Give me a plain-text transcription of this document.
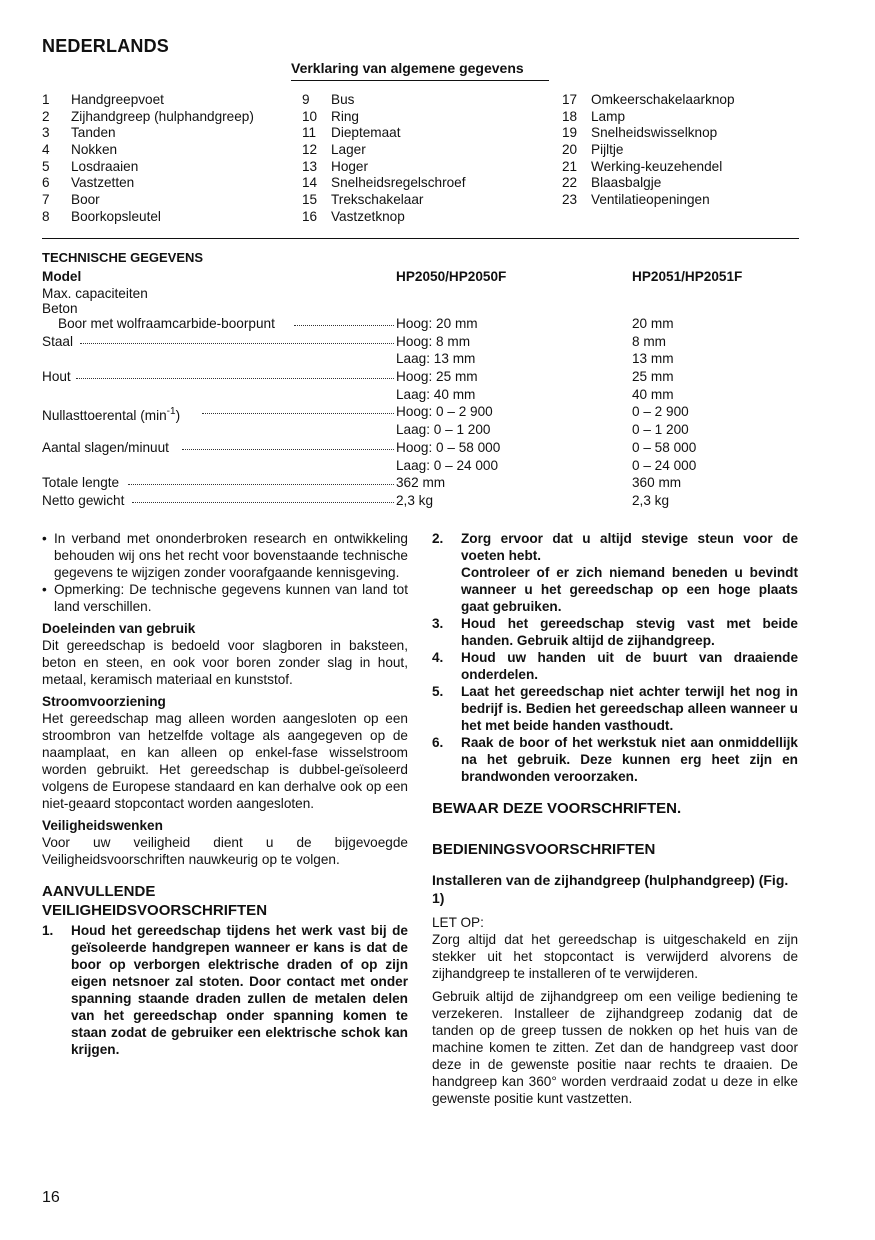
NEDERLANDS
Verklaring van algemene gegevens
1 Handgreepvoet
2 Zijhandgreep (hulphandgreep)
3 Tanden
4 Nokken
5 Losdraaien
6 Vastzetten
7 Boor
8 Boorkopsleutel
9 Bus
10 Ring
11 Dieptemaat
12 Lager
13 Hoger
14 Snelheidsregelschroef
15 Trekschakelaar
16 Vastzetknop
17 Omkeerschakelaarknop
18 Lamp
19 Snelheidswisselknop
20 Pijltje
21 Werking-keuzehendel
22 Blaasbalgje
23 Ventilatieopeningen
TECHNISCHE GEGEVENS
Model	HP2050/HP2050F	HP2051/HP2051F
Max. capaciteiten
Beton
Boor met wolfraamcarbide-boorpunt	Hoog: 20 mm	20 mm
Staal	Hoog: 8 mm	8 mm
Laag: 13 mm	13 mm
Hout	Hoog: 25 mm	25 mm
Laag: 40 mm	40 mm
Nullasttoerental $(\min^{-1})$	Hoog: 0 – 2 900	0 – 2 900
Laag: 0 – 1 200	0 – 1 200
Aantal slagen/minuut	Hoog: 0 – 58 000	0 – 58 000
Laag: 0 – 24 000	0 – 24 000
Totale lengte	362 mm	360 mm
Netto gewicht	2,3 kg	2,3 kg

• In verband met ononderbroken research en ontwikkeling behouden wij ons het recht voor bovenstaande technische gegevens te wijzigen zonder voorafgaande kennisgeving.

• Opmerking: De technische gegevens kunnen van land tot land verschillen.

Doeleinden van gebruik

Dit gereedschap is bedoeld voor slagboren in baksteen, beton en steen, en ook voor boren zonder slag in hout, metaal, keramisch materiaal en kunststof.

Stroomvoorziening

Het gereedschap mag alleen worden aangesloten op een stroombron van hetzelfde voltage als aangegeven op de naamplaat, en kan alleen op enkel-fase wisselstroom worden gebruikt. Het gereedschap is dubbel-geïsoleerd volgens de Europese standaard en kan derhalve ook op een niet-geaard stopcontact worden aangesloten.

Veiligheidswenken

Voor uw veiligheid dient u de bijgevoegde Veiligheidsvoorschriften nauwkeurig op te volgen.

AANVULLENDE

VEILIGHEIDSVOORSCHRIFTEN

1. Houd het gereedschap tijdens het werk vast bij de geïsoleerde handgrepen wanneer er kans is dat de boor op verborgen elektrische draden of op zijn eigen netsnoer zal stoten. Door contact met onder spanning staande draden zullen de metalen delen van het gereedschap onder spanning komen te staan zodat de gebruiker een elektrische schok kan krijgen.

2. Zorg ervoor dat u altijd stevige steun voor de voeten hebt.

Controleer of er zich niemand beneden u bevindt wanneer u het gereedschap op een hoge plaats gaat gebruiken.

3. Houd het gereedschap stevig vast met beide handen. Gebruik altijd de zijhandgreep.

4. Houd uw handen uit de buurt van draaiende onderdelen.

5. Laat het gereedschap niet achter terwijl het nog in bedrijf is. Bedien het gereedschap alleen wanneer u het met beide handen vasthoudt.

6. Raak de boor of het werkstuk niet aan onmiddellijk na het gebruik. Deze kunnen erg heet zijn en brandwonden veroorzaken.

BEWAAR DEZE VOORSCHRIFTEN.

BEDIENINGSVOORSCHRIFTEN

Installeren van de zijhandgreep (hulphandgreep) (Fig. 1)

LET OP:

Zorg altijd dat het gereedschap is uitgeschakeld en zijn stekker uit het stopcontact is verwijderd alvorens de zijhandgreep te installeren of te verwijderen.

Gebruik altijd de zijhandgreep om een veilige bediening te verzekeren. Installeer de zijhandgreep zodanig dat de tanden op de greep tussen de nokken op het huis van de machine komen te zitten. Zet dan de handgreep vast door deze in de gewenste positie naar rechts te draaien. De handgreep kan 360° worden verdraaid zodat u deze in elke gewenste positie kunt vastzetten.

16
